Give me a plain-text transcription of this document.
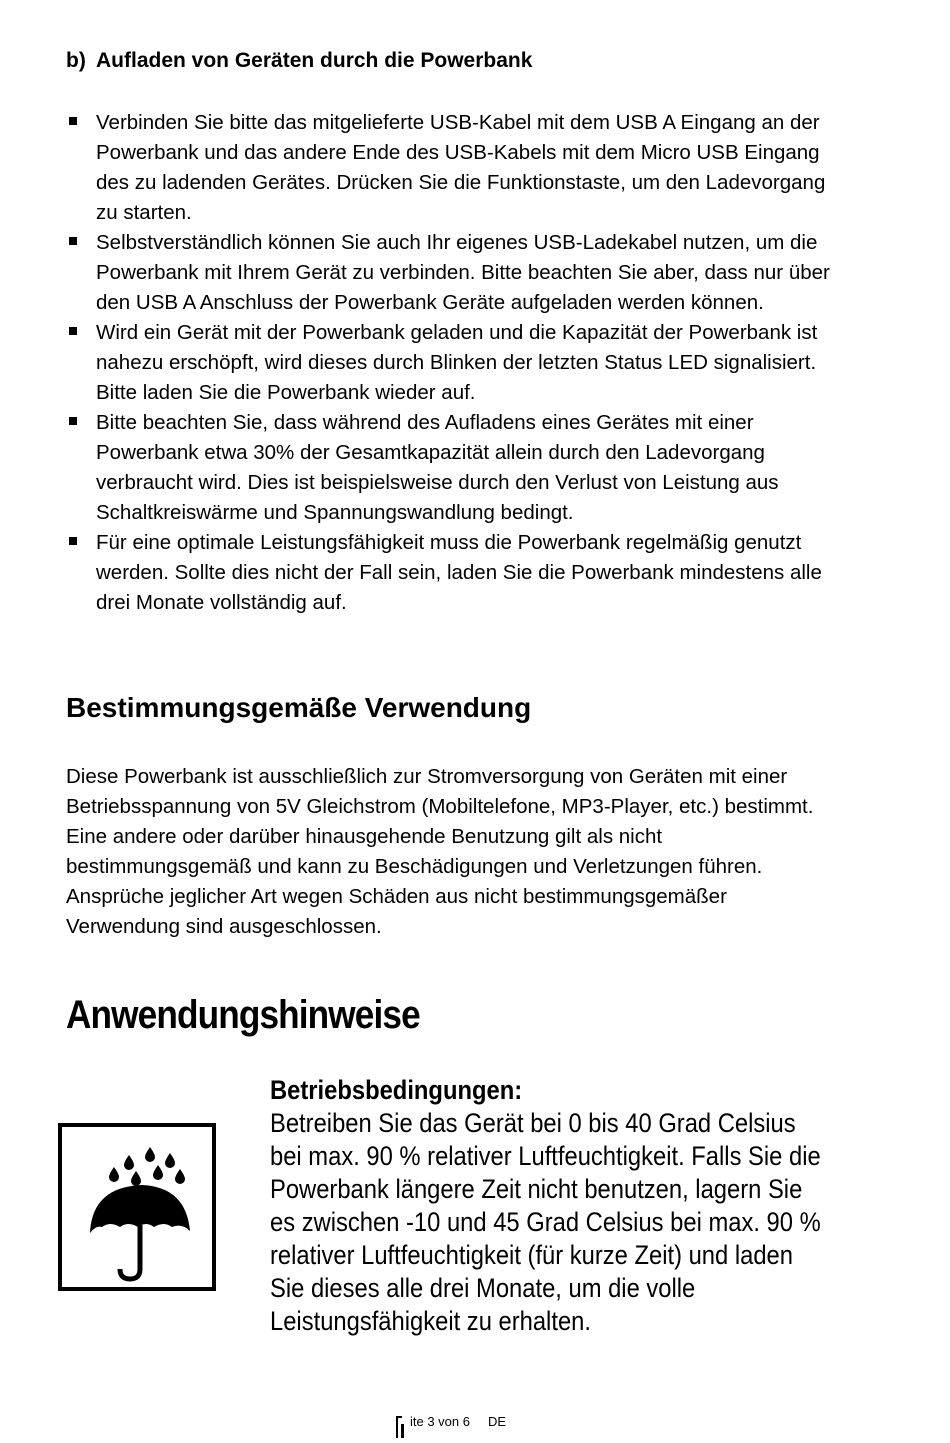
b) Aufladen von Geräten durch die Powerbank
Verbinden Sie bitte das mitgelieferte USB-Kabel mit dem USB A Eingang an der Powerbank und das andere Ende des USB-Kabels mit dem Micro USB Eingang des zu ladenden Gerätes. Drücken Sie die Funktionstaste, um den Ladevorgang zu starten.
Selbstverständlich können Sie auch Ihr eigenes USB-Ladekabel nutzen, um die Powerbank mit Ihrem Gerät zu verbinden. Bitte beachten Sie aber, dass nur über den USB A Anschluss der Powerbank Geräte aufgeladen werden können.
Wird ein Gerät mit der Powerbank geladen und die Kapazität der Powerbank ist nahezu erschöpft, wird dieses durch Blinken der letzten Status LED signalisiert. Bitte laden Sie die Powerbank wieder auf.
Bitte beachten Sie, dass während des Aufladens eines Gerätes mit einer Powerbank etwa 30% der Gesamtkapazität allein durch den Ladevorgang verbraucht wird. Dies ist beispielsweise durch den Verlust von Leistung aus Schaltkreiswärme und Spannungswandlung bedingt.
Für eine optimale Leistungsfähigkeit muss die Powerbank regelmäßig genutzt werden. Sollte dies nicht der Fall sein, laden Sie die Powerbank mindestens alle drei Monate vollständig auf.
Bestimmungsgemäße Verwendung

Diese Powerbank ist ausschließlich zur Stromversorgung von Geräten mit einer Betriebsspannung von 5V Gleichstrom (Mobiltelefone, MP3-Player, etc.) bestimmt. Eine andere oder darüber hinausgehende Benutzung gilt als nicht bestimmungsgemäß und kann zu Beschädigungen und Verletzungen führen. Ansprüche jeglicher Art wegen Schäden aus nicht bestimmungsgemäßer Verwendung sind ausgeschlossen.

Anwendungshinweise

Betriebsbedingungen:

Betreiben Sie das Gerät bei 0 bis 40 Grad Celsius bei max. 90 % relativer Luftfeuchtigkeit. Falls Sie die Powerbank längere Zeit nicht benutzen, lagern Sie es zwischen -10 und 45 Grad Celsius bei max. 90 % relativer Luftfeuchtigkeit (für kurze Zeit) und laden Sie dieses alle drei Monate, um die volle Leistungsfähigkeit zu erhalten.

ite 3 von 6 DE
